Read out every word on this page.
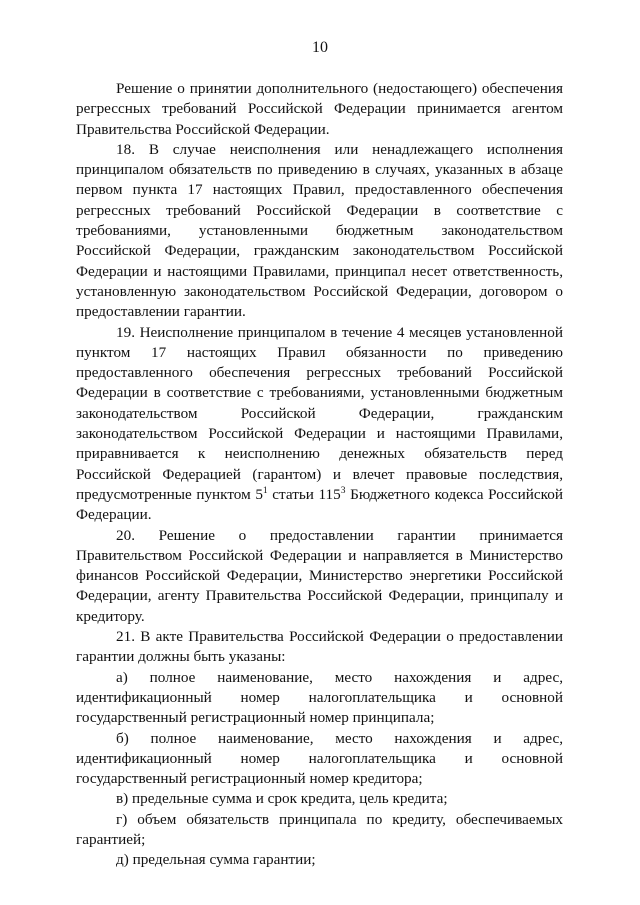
10

Решение о принятии дополнительного (недостающего) обеспечения регрессных требований Российской Федерации принимается агентом Правительства Российской Федерации.

18. В случае неисполнения или ненадлежащего исполнения принципалом обязательств по приведению в случаях, указанных в абзаце первом пункта 17 настоящих Правил, предоставленного обеспечения регрессных требований Российской Федерации в соответствие с требованиями, установленными бюджетным законодательством Российской Федерации, гражданским законодательством Российской Федерации и настоящими Правилами, принципал несет ответственность, установленную законодательством Российской Федерации, договором о предоставлении гарантии.

19. Неисполнение принципалом в течение 4 месяцев установленной пунктом 17 настоящих Правил обязанности по приведению предоставленного обеспечения регрессных требований Российской Федерации в соответствие с требованиями, установленными бюджетным законодательством Российской Федерации, гражданским законодательством Российской Федерации и настоящими Правилами, приравнивается к неисполнению денежных обязательств перед Российской Федерацией (гарантом) и влечет правовые последствия, предусмотренные пунктом $5^1$ статьи $115^3$ Бюджетного кодекса Российской Федерации.

20. Решение о предоставлении гарантии принимается Правительством Российской Федерации и направляется в Министерство финансов Российской Федерации, Министерство энергетики Российской Федерации, агенту Правительства Российской Федерации, принципалу и кредитору.

21. В акте Правительства Российской Федерации о предоставлении гарантии должны быть указаны:

а) полное наименование, место нахождения и адрес, идентификационный номер налогоплательщика и основной государственный регистрационный номер принципала;

б) полное наименование, место нахождения и адрес, идентификационный номер налогоплательщика и основной государственный регистрационный номер кредитора;

в) предельные сумма и срок кредита, цель кредита;

г) объем обязательств принципала по кредиту, обеспечиваемых гарантией;

д) предельная сумма гарантии;
